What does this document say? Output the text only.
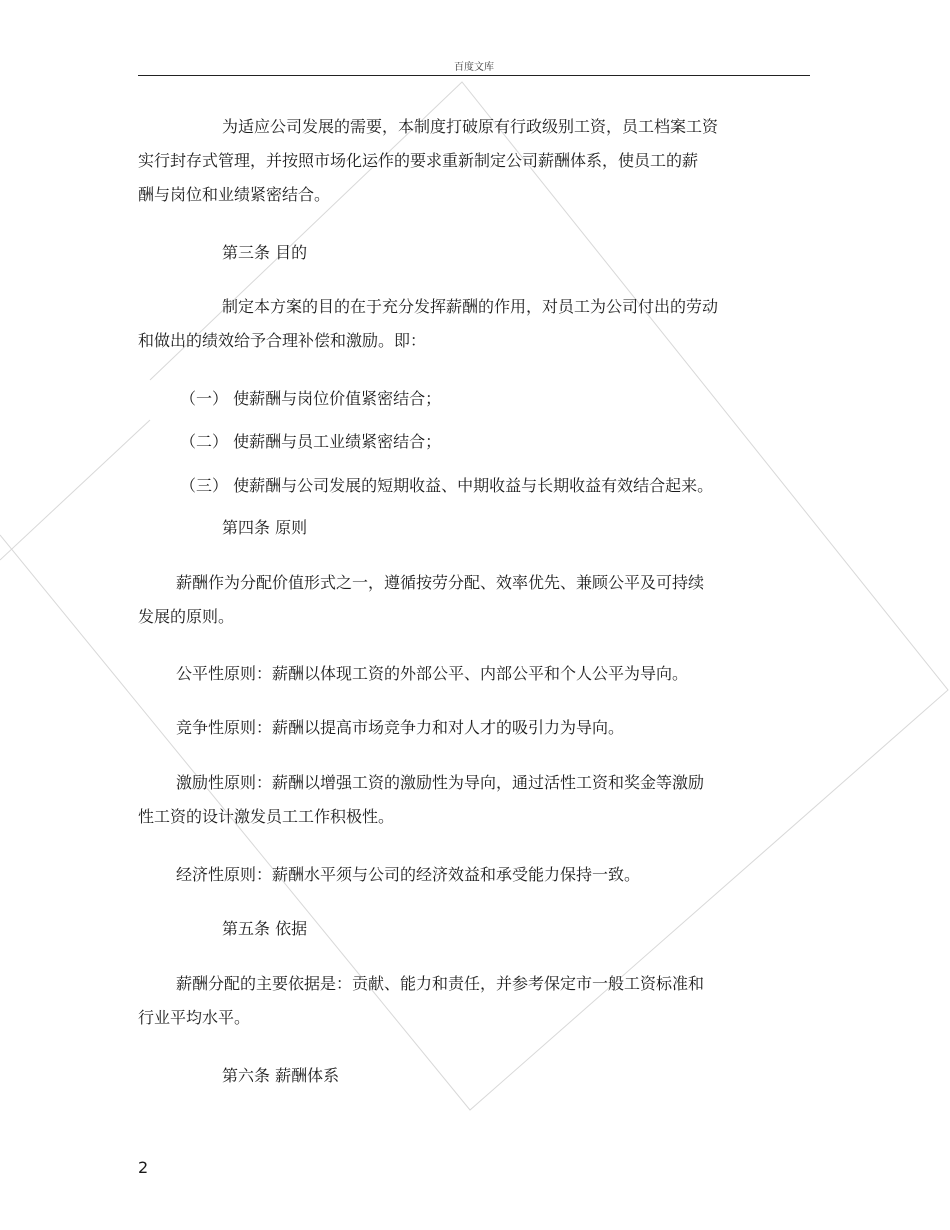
百度文库
为适应公司发展的需要，本制度打破原有行政级别工资，员工档案工资
实行封存式管理，并按照市场化运作的要求重新制定公司薪酬体系，使员工的薪
酬与岗位和业绩紧密结合。
第三条 目的
制定本方案的目的在于充分发挥薪酬的作用，对员工为公司付出的劳动
和做出的绩效给予合理补偿和激励。即：
（一） 使薪酬与岗位价值紧密结合；
（二） 使薪酬与员工业绩紧密结合；
（三） 使薪酬与公司发展的短期收益、中期收益与长期收益有效结合起来。
第四条 原则
薪酬作为分配价值形式之一，遵循按劳分配、效率优先、兼顾公平及可持续
发展的原则。
公平性原则：薪酬以体现工资的外部公平、内部公平和个人公平为导向。
竞争性原则：薪酬以提高市场竞争力和对人才的吸引力为导向。
激励性原则：薪酬以增强工资的激励性为导向，通过活性工资和奖金等激励
性工资的设计激发员工工作积极性。
经济性原则：薪酬水平须与公司的经济效益和承受能力保持一致。
第五条 依据
薪酬分配的主要依据是：贡献、能力和责任，并参考保定市一般工资标准和
行业平均水平。
第六条 薪酬体系
2
